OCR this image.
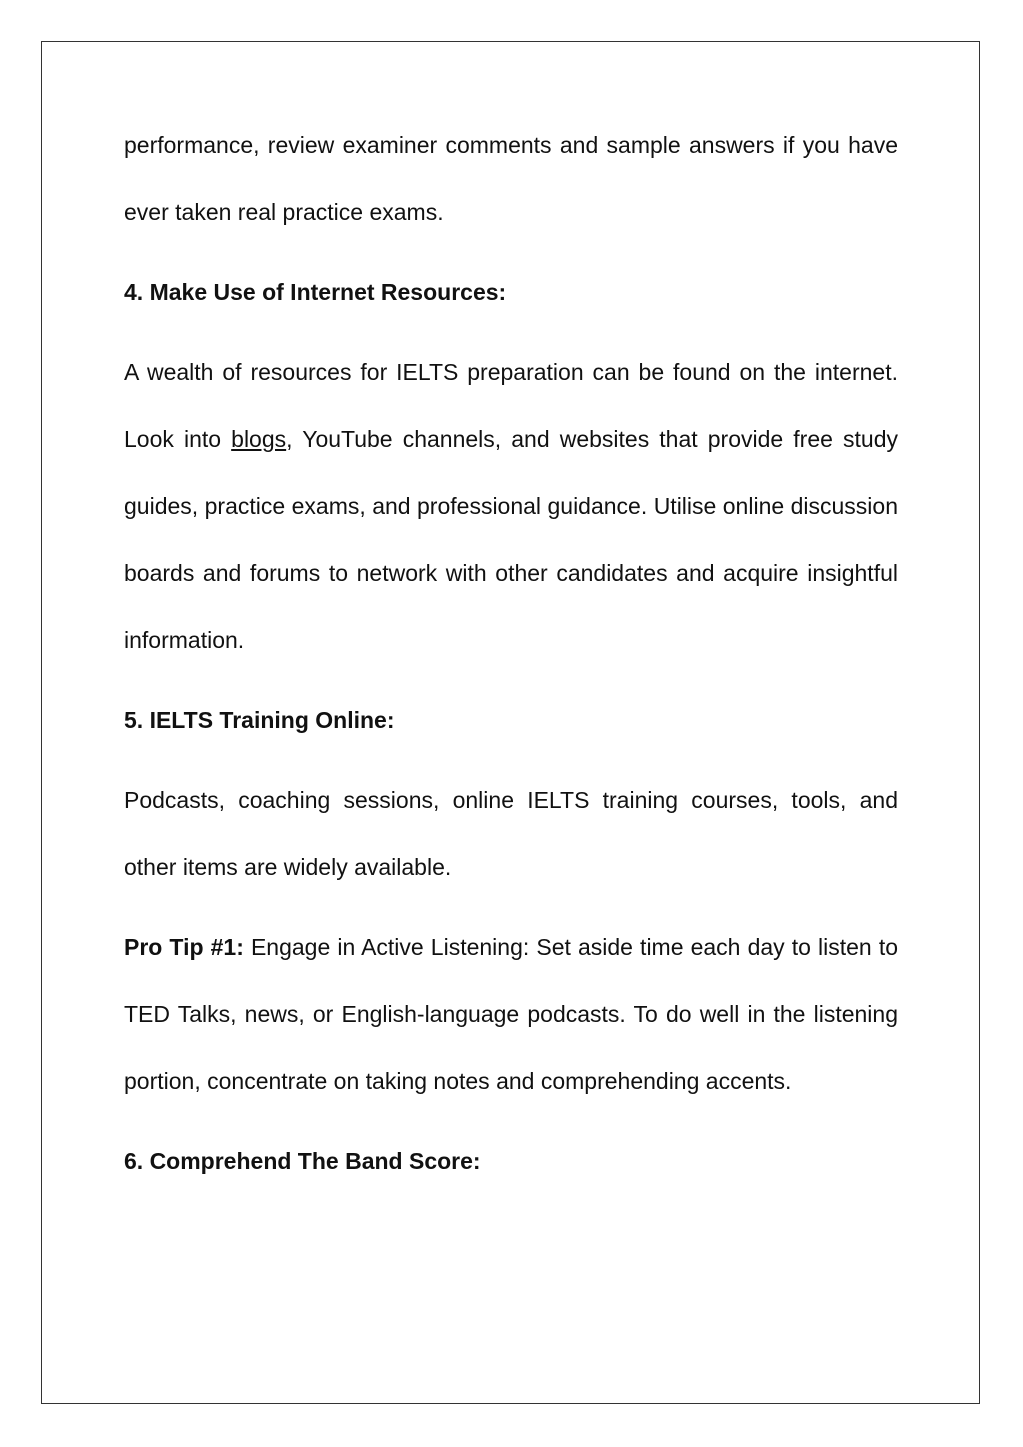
performance, review examiner comments and sample answers if you have ever taken real practice exams.

4. Make Use of Internet Resources:

A wealth of resources for IELTS preparation can be found on the internet. Look into blogs, YouTube channels, and websites that provide free study guides, practice exams, and professional guidance. Utilise online discussion boards and forums to network with other candidates and acquire insightful information.

5. IELTS Training Online:

Podcasts, coaching sessions, online IELTS training courses, tools, and other items are widely available.

Pro Tip #1: Engage in Active Listening: Set aside time each day to listen to TED Talks, news, or English-language podcasts. To do well in the listening portion, concentrate on taking notes and comprehending accents.

6. Comprehend The Band Score:
